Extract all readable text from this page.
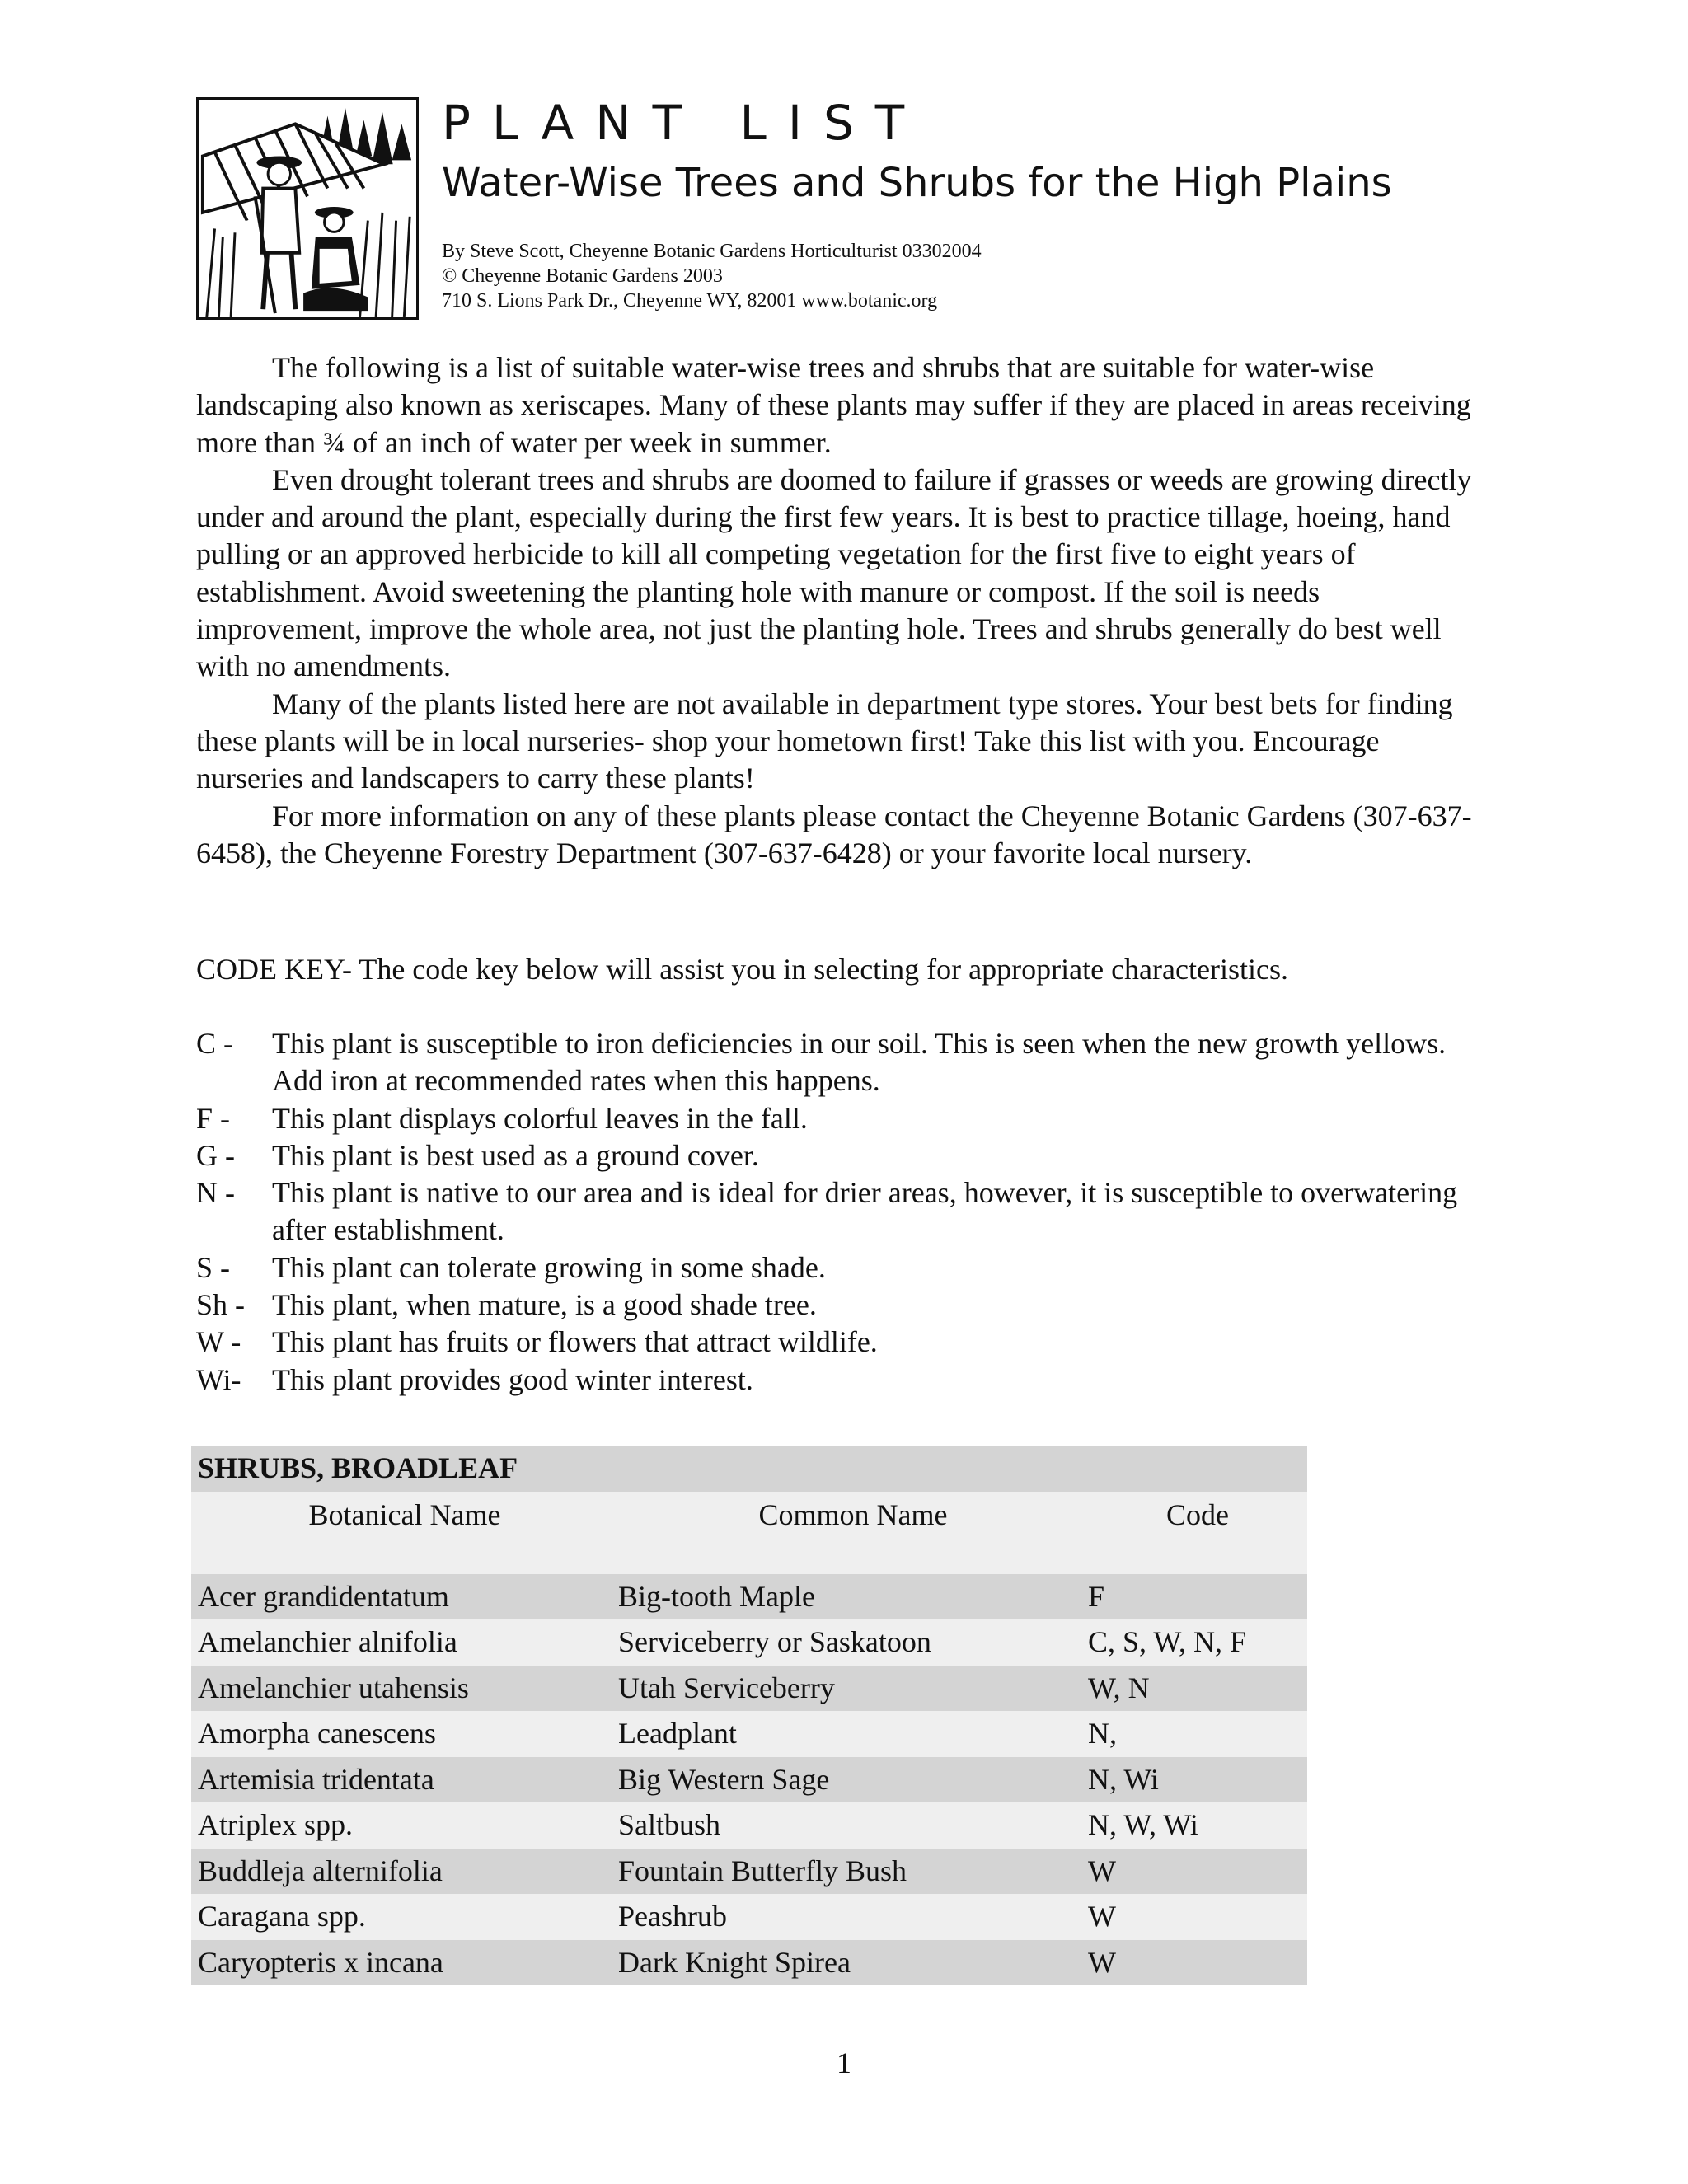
PLANT LIST
Water-Wise Trees and Shrubs for the High Plains
By Steve Scott, Cheyenne Botanic Gardens Horticulturist 03302004
© Cheyenne Botanic Gardens 2003
710 S. Lions Park Dr., Cheyenne WY, 82001 www.botanic.org

The following is a list of suitable water-wise trees and shrubs that are suitable for water-wise landscaping also known as xeriscapes. Many of these plants may suffer if they are placed in areas receiving more than ¾ of an inch of water per week in summer.

Even drought tolerant trees and shrubs are doomed to failure if grasses or weeds are growing directly under and around the plant, especially during the first few years. It is best to practice tillage, hoeing, hand pulling or an approved herbicide to kill all competing vegetation for the first five to eight years of establishment. Avoid sweetening the planting hole with manure or compost. If the soil is needs improvement, improve the whole area, not just the planting hole. Trees and shrubs generally do best well with no amendments.

Many of the plants listed here are not available in department type stores. Your best bets for finding these plants will be in local nurseries- shop your hometown first! Take this list with you. Encourage nurseries and landscapers to carry these plants!

For more information on any of these plants please contact the Cheyenne Botanic Gardens (307-637-6458), the Cheyenne Forestry Department (307-637-6428) or your favorite local nursery.

CODE KEY- The code key below will assist you in selecting for appropriate characteristics.
C -	This plant is susceptible to iron deficiencies in our soil. This is seen when the new growth yellows. Add iron at recommended rates when this happens.
F -	This plant displays colorful leaves in the fall.
G -	This plant is best used as a ground cover.
N -	This plant is native to our area and is ideal for drier areas, however, it is susceptible to overwatering after establishment.
S -	This plant can tolerate growing in some shade.
Sh - This plant, when mature, is a good shade tree.
W -	This plant has fruits or flowers that attract wildlife.
Wi-	This plant provides good winter interest.
SHRUBS, BROADLEAF		
Botanical Name	Common Name	Code
Acer grandidentatum	Big-tooth Maple	F
Amelanchier alnifolia	Serviceberry or Saskatoon	C, S, W, N, F
Amelanchier utahensis	Utah Serviceberry	W, N
Amorpha canescens	Leadplant	N,
Artemisia tridentata	Big Western Sage	N, Wi
Atriplex spp.	Saltbush	N, W, Wi
Buddleja alternifolia	Fountain Butterfly Bush	W
Caragana spp.	Peashrub	W
Caryopteris x incana	Dark Knight Spirea	W
1
